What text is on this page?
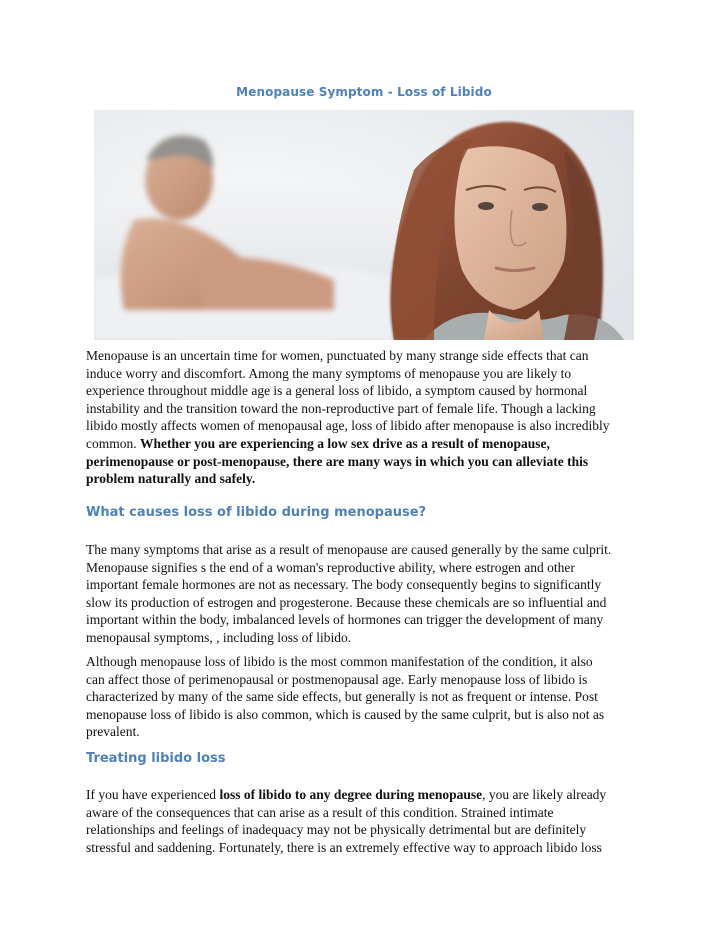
Menopause Symptom - Loss of Libido
Menopause is an uncertain time for women, punctuated by many strange side effects that can
induce worry and discomfort. Among the many symptoms of menopause you are likely to
experience throughout middle age is a general loss of libido, a symptom caused by hormonal
instability and the transition toward the non-reproductive part of female life. Though a lacking
libido mostly affects women of menopausal age, loss of libido after menopause is also incredibly
common. Whether you are experiencing a low sex drive as a result of menopause,
perimenopause or post-menopause, there are many ways in which you can alleviate this
problem naturally and safely.
What causes loss of libido during menopause?
The many symptoms that arise as a result of menopause are caused generally by the same culprit.
Menopause signifies s the end of a woman's reproductive ability, where estrogen and other
important female hormones are not as necessary. The body consequently begins to significantly
slow its production of estrogen and progesterone. Because these chemicals are so influential and
important within the body, imbalanced levels of hormones can trigger the development of many
menopausal symptoms, , including loss of libido.
Although menopause loss of libido is the most common manifestation of the condition, it also
can affect those of perimenopausal or postmenopausal age. Early menopause loss of libido is
characterized by many of the same side effects, but generally is not as frequent or intense. Post
menopause loss of libido is also common, which is caused by the same culprit, but is also not as
prevalent.
Treating libido loss
If you have experienced loss of libido to any degree during menopause, you are likely already
aware of the consequences that can arise as a result of this condition. Strained intimate
relationships and feelings of inadequacy may not be physically detrimental but are definitely
stressful and saddening. Fortunately, there is an extremely effective way to approach libido loss
